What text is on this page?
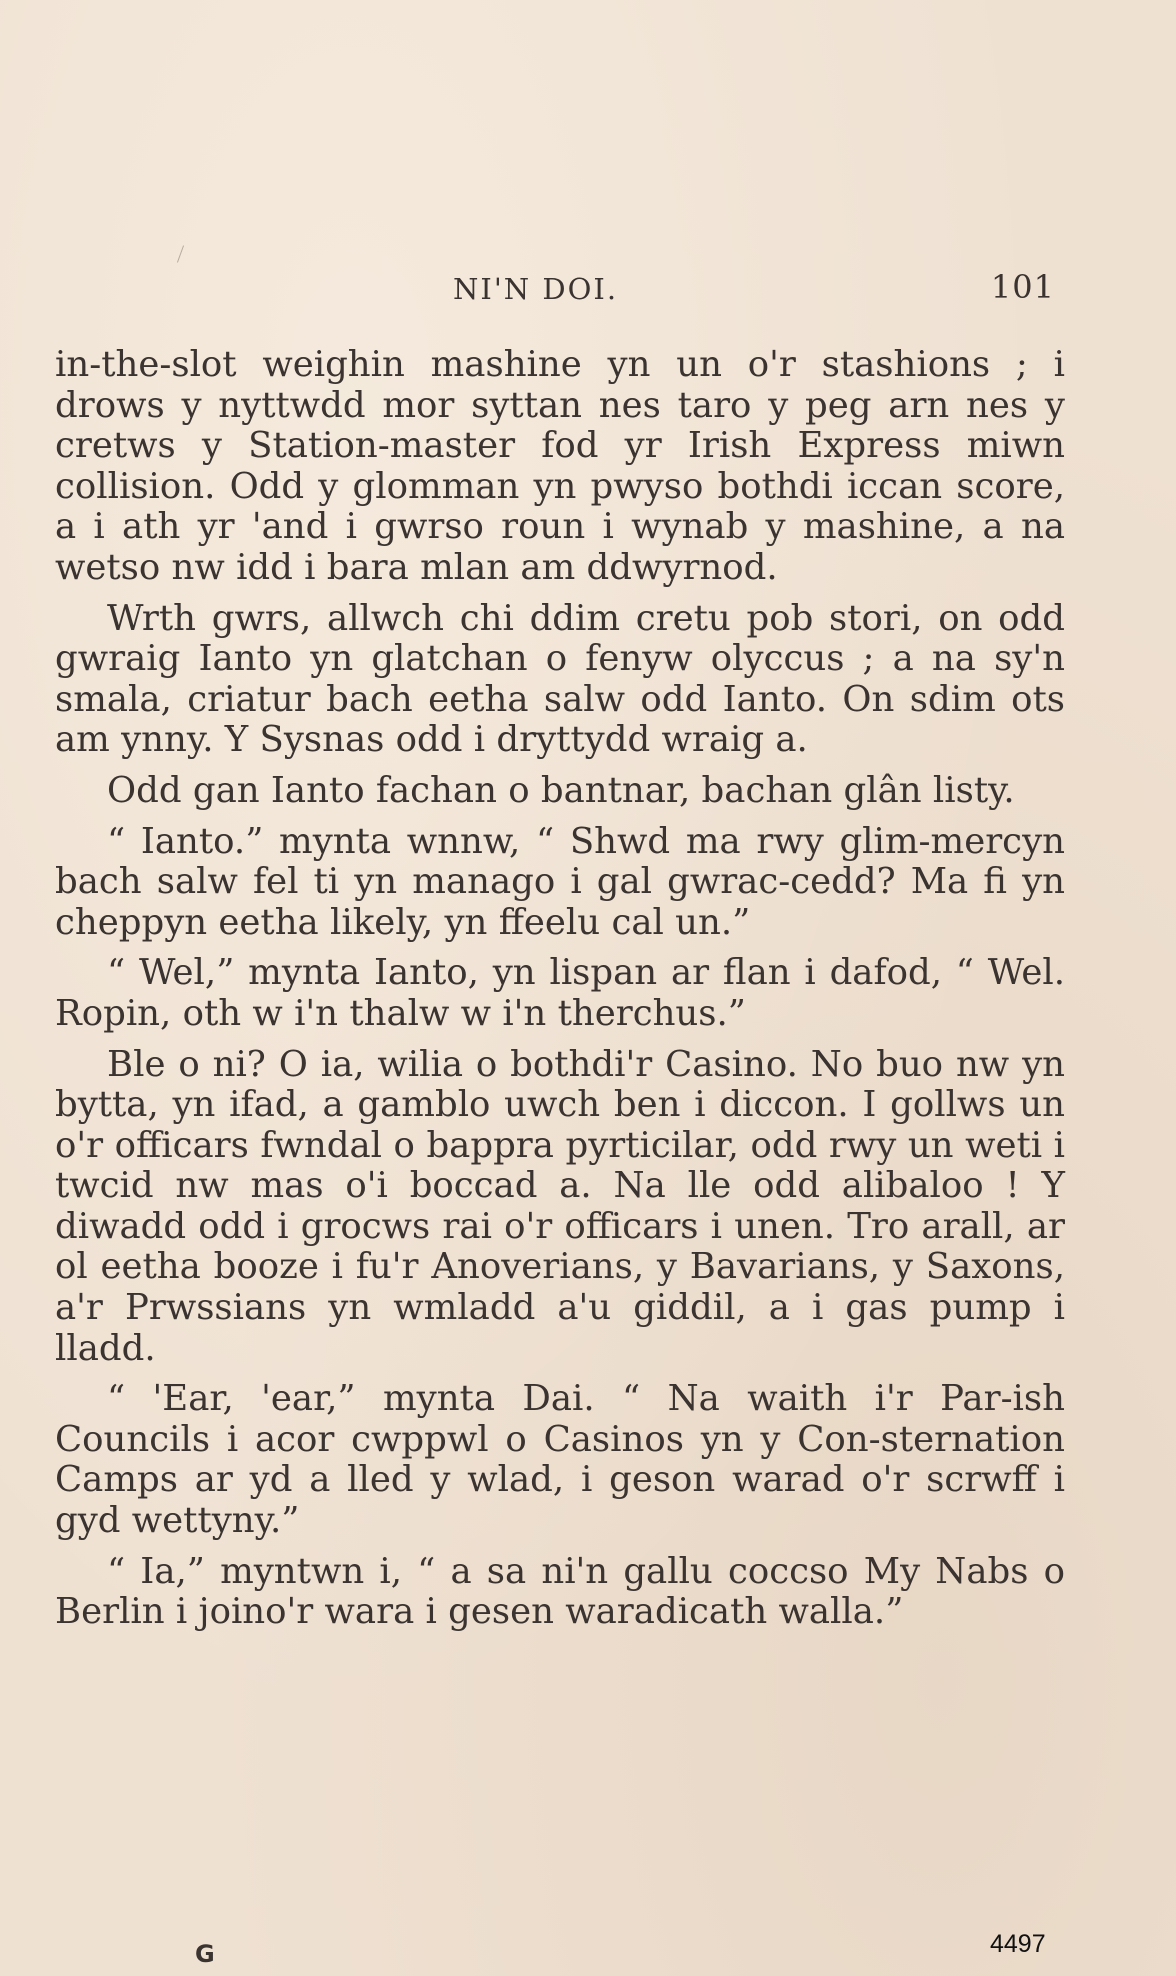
NI'N DOI.	101

in-the-slot weighin mashine yn un o'r stashions ; i drows y nyttwdd mor syttan nes taro y peg arn nes y cretws y Station-master fod yr Irish Express miwn collision. Odd y glomman yn pwyso bothdi iccan score, a i ath yr 'and i gwrso roun i wynab y mashine, a na wetso nw idd i bara mlan am ddwyrnod.

Wrth gwrs, allwch chi ddim cretu pob stori, on odd gwraig Ianto yn glatchan o fenyw olyccus ; a na sy'n smala, criatur bach eetha salw odd Ianto. On sdim ots am ynny. Y Sysnas odd i dryttydd wraig a.

Odd gan Ianto fachan o bantnar, bachan glân listy.

“ Ianto.” mynta wnnw, “ Shwd ma rwy glim-mercyn bach salw fel ti yn manago i gal gwrac-cedd? Ma fi yn cheppyn eetha likely, yn ffeelu cal un.”

“ Wel,” mynta Ianto, yn lispan ar flan i dafod, “ Wel. Ropin, oth w i'n thalw w i'n therchus.”

Ble o ni? O ia, wilia o bothdi'r Casino. No buo nw yn bytta, yn ifad, a gamblo uwch ben i diccon. I gollws un o'r officars fwndal o bappra pyrticilar, odd rwy un weti i twcid nw mas o'i boccad a. Na lle odd alibaloo ! Y diwadd odd i grocws rai o'r officars i unen. Tro arall, ar ol eetha booze i fu'r Anoverians, y Bavarians, y Saxons, a'r Prwssians yn wmladd a'u giddil, a i gas pump i lladd.

“ 'Ear, 'ear,” mynta Dai. “ Na waith i'r Par-ish Councils i acor cwppwl o Casinos yn y Con-sternation Camps ar yd a lled y wlad, i geson warad o'r scrwff i gyd wettyny.”

“ Ia,” myntwn i, “ a sa ni'n gallu coccso My Nabs o Berlin i joino'r wara i gesen waradicath walla.”

G	4497
